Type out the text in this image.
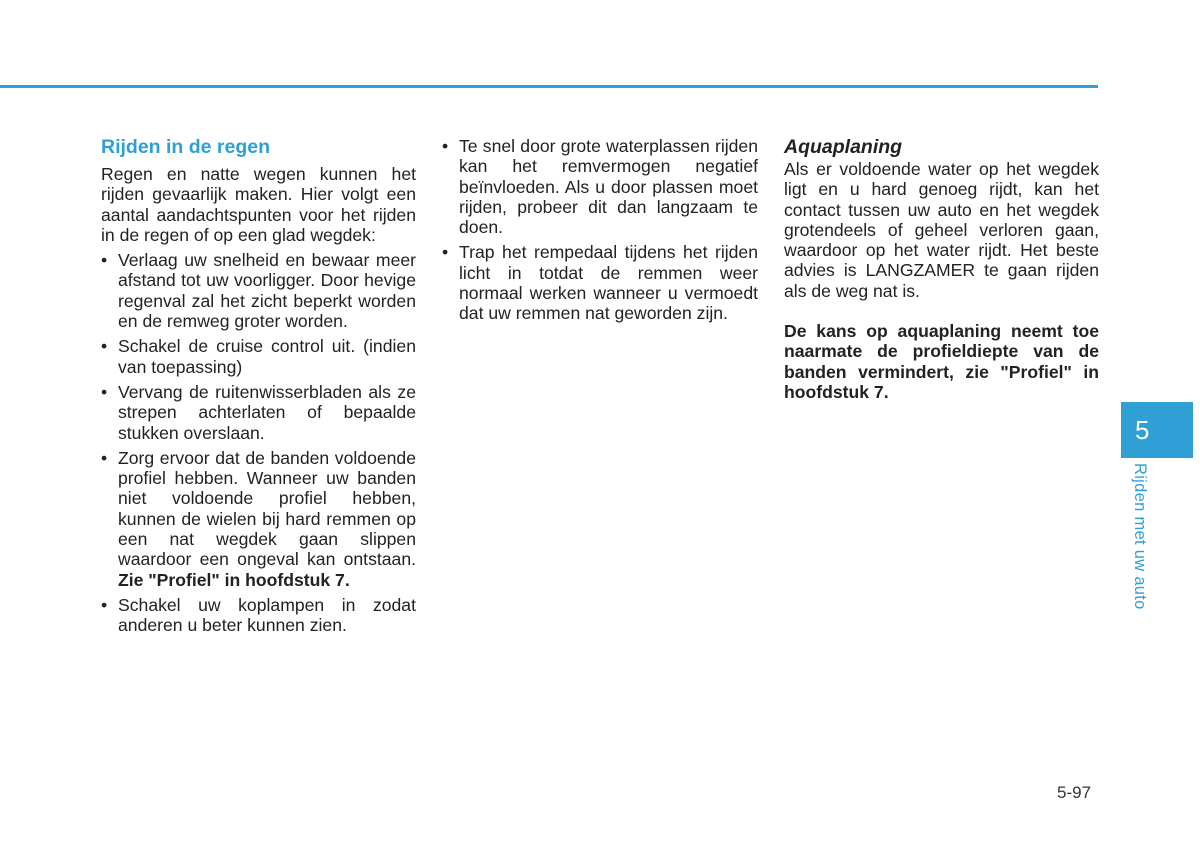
Rijden in de regen

Regen en natte wegen kunnen het rijden gevaarlijk maken. Hier volgt een aantal aandachtspunten voor het rijden in de regen of op een glad wegdek:

• Verlaag uw snelheid en bewaar meer afstand tot uw voorligger. Door hevige regenval zal het zicht beperkt worden en de remweg groter worden.
• Schakel de cruise control uit. (indien van toepassing)
• Vervang de ruitenwisserbladen als ze strepen achterlaten of bepaalde stukken overslaan.
• Zorg ervoor dat de banden voldoende profiel hebben. Wanneer uw banden niet voldoende profiel hebben, kunnen de wielen bij hard remmen op een nat wegdek gaan slippen waardoor een ongeval kan ontstaan. Zie "Profiel" in hoofdstuk 7.
• Schakel uw koplampen in zodat anderen u beter kunnen zien.
• Te snel door grote waterplassen rijden kan het remvermogen negatief beïnvloeden. Als u door plassen moet rijden, probeer dit dan langzaam te doen.
• Trap het rempedaal tijdens het rijden licht in totdat de remmen weer normaal werken wanneer u vermoedt dat uw remmen nat geworden zijn.
Aquaplaning

Als er voldoende water op het wegdek ligt en u hard genoeg rijdt, kan het contact tussen uw auto en het wegdek grotendeels of geheel verloren gaan, waardoor op het water rijdt. Het beste advies is LANGZAMER te gaan rijden als de weg nat is.

De kans op aquaplaning neemt toe naarmate de profieldiepte van de banden vermindert, zie "Profiel" in hoofdstuk 7.

5
Rijden met uw auto
5-97
